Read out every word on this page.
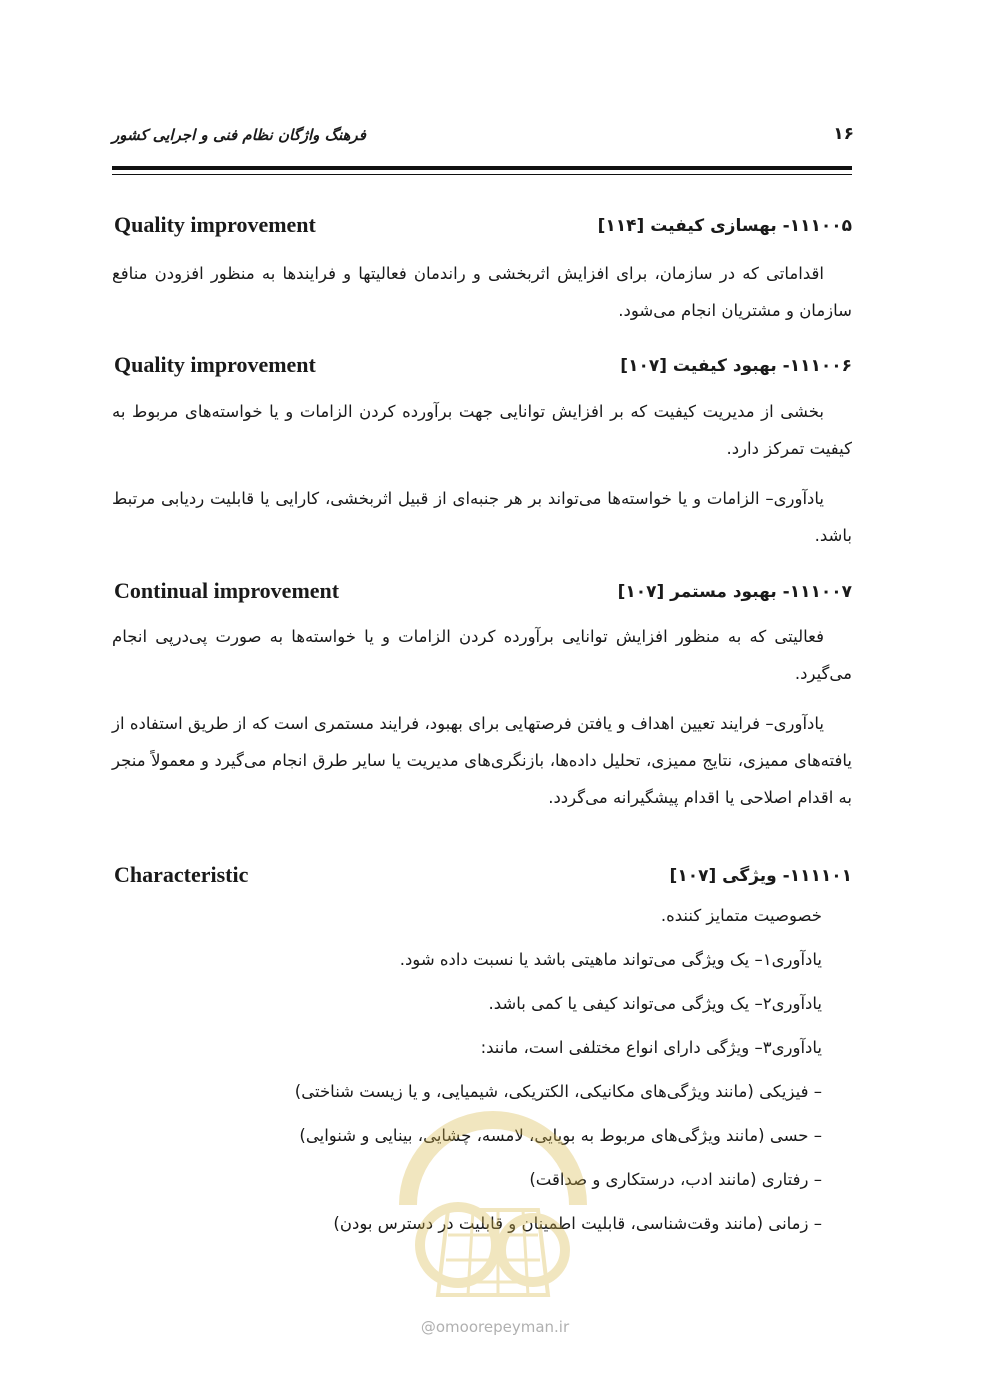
فرهنگ واژگان نظام فنی و اجرایی کشور	۱۶
۱۱۱۰۰۵- بهسازی کیفیت [۱۱۴]
Quality improvement
اقداماتی که در سازمان، برای افزایش اثربخشی و راندمان فعالیتها و فرایندها به منظور افزودن منافع سازمان و مشتریان انجام می‌شود.
۱۱۱۰۰۶- بهبود کیفیت [۱۰۷]
Quality improvement
بخشی از مدیریت کیفیت که بر افزایش توانایی جهت برآورده کردن الزامات و یا خواسته‌های مربوط به کیفیت تمرکز دارد.
یادآوری– الزامات و یا خواسته‌ها می‌تواند بر هر جنبه‌ای از قبیل اثربخشی، کارایی یا قابلیت ردیابی مرتبط باشد.
۱۱۱۰۰۷- بهبود مستمر [۱۰۷]
Continual improvement
فعالیتی که به منظور افزایش توانایی برآورده کردن الزامات و یا خواسته‌ها به صورت پی‌درپی انجام می‌گیرد.
یادآوری– فرایند تعیین اهداف و یافتن فرصتهایی برای بهبود، فرایند مستمری است که از طریق استفاده از یافته‌های ممیزی، نتایج ممیزی، تحلیل داده‌ها، بازنگری‌های مدیریت یا سایر طرق انجام می‌گیرد و معمولاً منجر به اقدام اصلاحی یا اقدام پیشگیرانه می‌گردد.
۱۱۱۱۰۱- ویژگی [۱۰۷]
Characteristic
خصوصیت متمایز کننده.
یادآوری۱– یک ویژگی می‌تواند ماهیتی باشد یا نسبت داده شود.
یادآوری۲– یک ویژگی می‌تواند کیفی یا کمی باشد.
یادآوری۳– ویژگی دارای انواع مختلفی است، مانند:
– فیزیکی (مانند ویژگی‌های مکانیکی، الکتریکی، شیمیایی، و یا زیست شناختی)
– حسی (مانند ویژگی‌های مربوط به بویایی، لامسه، چشایی، بینایی و شنوایی)
– رفتاری (مانند ادب، درستکاری و صداقت)
– زمانی (مانند وقت‌شناسی، قابلیت اطمینان و قابلیت در دسترس بودن)
@omoorepeyman.ir
